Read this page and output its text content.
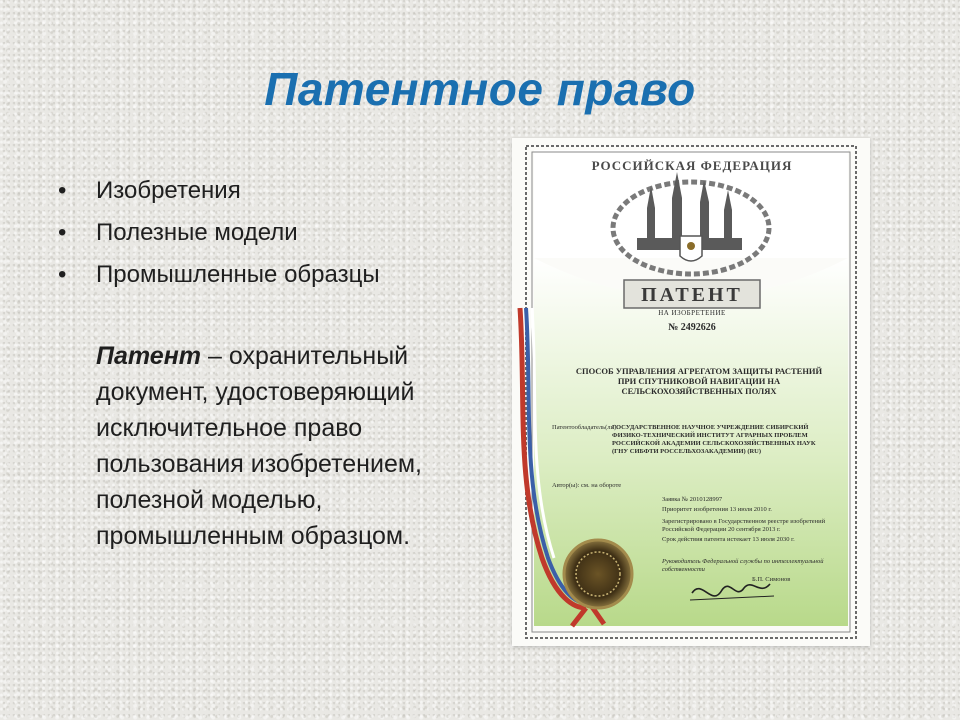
Патентное право
• Изобретения
• Полезные модели
• Промышленные образцы
Патент – охранительный документ, удостоверяющий исключительное право пользования изобретением, полезной моделью, промышленным образцом.
РОССИЙСКАЯ ФЕДЕРАЦИЯ
ПАТЕНТ
НА ИЗОБРЕТЕНИЕ
№ 2492626
СПОСОБ УПРАВЛЕНИЯ АГРЕГАТОМ ЗАЩИТЫ РАСТЕНИЙ ПРИ СПУТНИКОВОЙ НАВИГАЦИИ НА СЕЛЬСКОХОЗЯЙСТВЕННЫХ ПОЛЯХ
Патентообладатель(ли):
ГОСУДАРСТВЕННОЕ НАУЧНОЕ УЧРЕЖДЕНИЕ СИБИРСКИЙ ФИЗИКО-ТЕХНИЧЕСКИЙ ИНСТИТУТ АГРАРНЫХ ПРОБЛЕМ РОССИЙСКОЙ АКАДЕМИИ СЕЛЬСКОХОЗЯЙСТВЕННЫХ НАУК (ГНУ СИБФТИ РОССЕЛЬХОЗАКАДЕМИИ) (RU)
Автор(ы): см. на обороте
Заявка № 2010128997
Приоритет изобретения 13 июля 2010 г.
Зарегистрировано в Государственном реестре изобретений Российской Федерации 20 сентября 2013 г.
Срок действия патента истекает 13 июля 2030 г.
Руководитель Федеральной службы по интеллектуальной собственности
Б.П. Симонов
